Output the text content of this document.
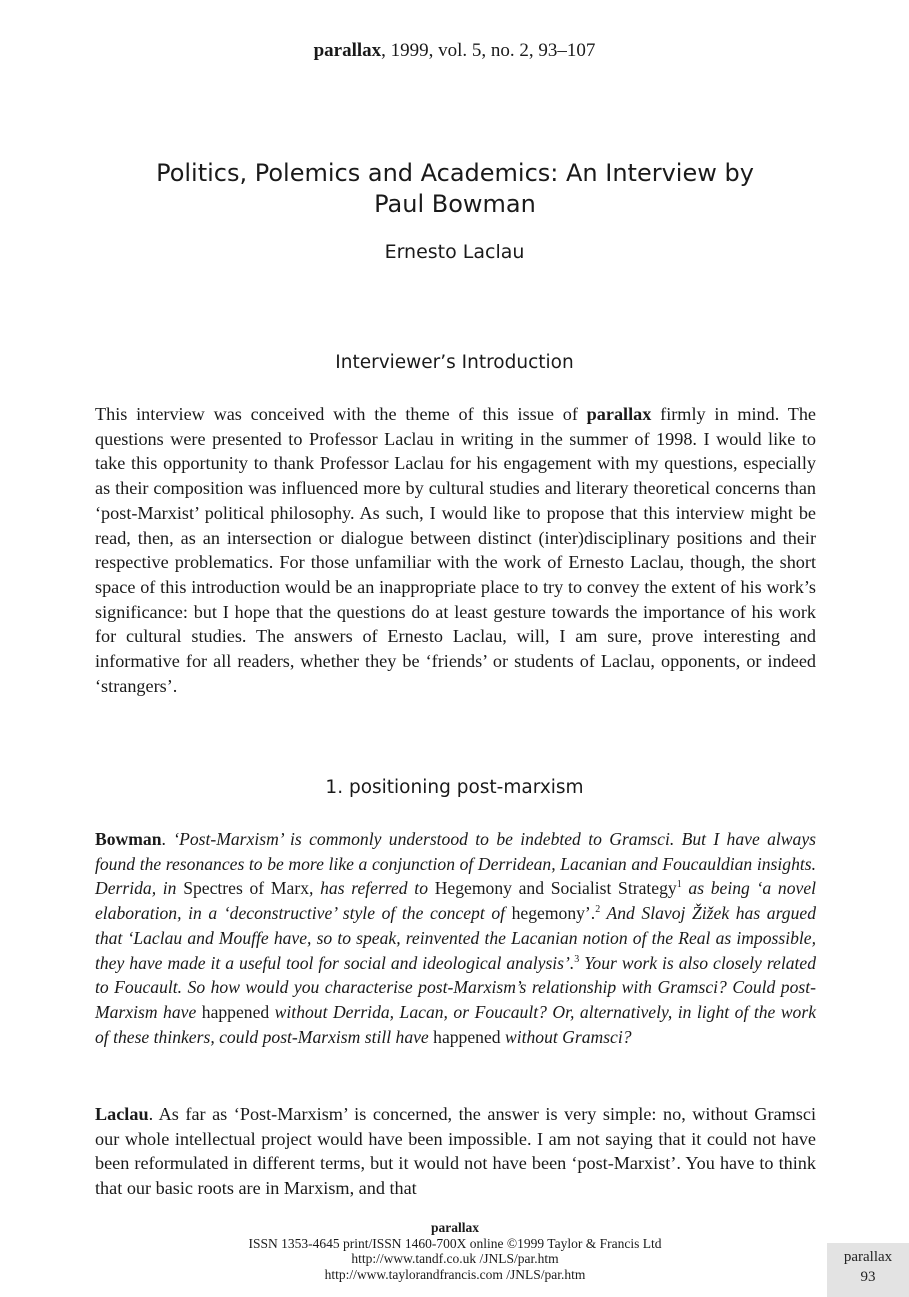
parallax, 1999, vol. 5, no. 2, 93–107
Politics, Polemics and Academics: An Interview by
Paul Bowman
Ernesto Laclau
Interviewer’s Introduction

This interview was conceived with the theme of this issue of parallax firmly in mind. The questions were presented to Professor Laclau in writing in the summer of 1998. I would like to take this opportunity to thank Professor Laclau for his engagement with my questions, especially as their composition was influenced more by cultural studies and literary theoretical concerns than ‘post-Marxist’ political philosophy. As such, I would like to propose that this interview might be read, then, as an intersection or dialogue between distinct (inter)disciplinary positions and their respective problematics. For those unfamiliar with the work of Ernesto Laclau, though, the short space of this introduction would be an inappropriate place to try to convey the extent of his work’s significance: but I hope that the questions do at least gesture towards the importance of his work for cultural studies. The answers of Ernesto Laclau, will, I am sure, prove interesting and informative for all readers, whether they be ‘friends’ or students of Laclau, opponents, or indeed ‘strangers’.

1. positioning post-marxism

Bowman. ‘Post-Marxism’ is commonly understood to be indebted to Gramsci. But I have always found the resonances to be more like a conjunction of Derridean, Lacanian and Foucauldian insights. Derrida, in Spectres of Marx, has referred to Hegemony and Socialist Strategy$^1$ as being ‘a novel elaboration, in a ‘deconstructive’ style of the concept of hegemony’.$^2$ And Slavoj Žižek has argued that ‘Laclau and Mouffe have, so to speak, reinvented the Lacanian notion of the Real as impossible, they have made it a useful tool for social and ideological analysis’.$^3$ Your work is also closely related to Foucault. So how would you characterise post-Marxism’s relationship with Gramsci? Could post-Marxism have happened without Derrida, Lacan, or Foucault? Or, alternatively, in light of the work of these thinkers, could post-Marxism still have happened without Gramsci?

Laclau. As far as ‘Post-Marxism’ is concerned, the answer is very simple: no, without Gramsci our whole intellectual project would have been impossible. I am not saying that it could not have been reformulated in different terms, but it would not have been ‘post-Marxist’. You have to think that our basic roots are in Marxism, and that

parallax
ISSN 1353-4645 print/ISSN 1460-700X online ©1999 Taylor & Francis Ltd
http://www.tandf.co.uk /JNLS/par.htm
http://www.taylorandfrancis.com /JNLS/par.htm
parallax
93
